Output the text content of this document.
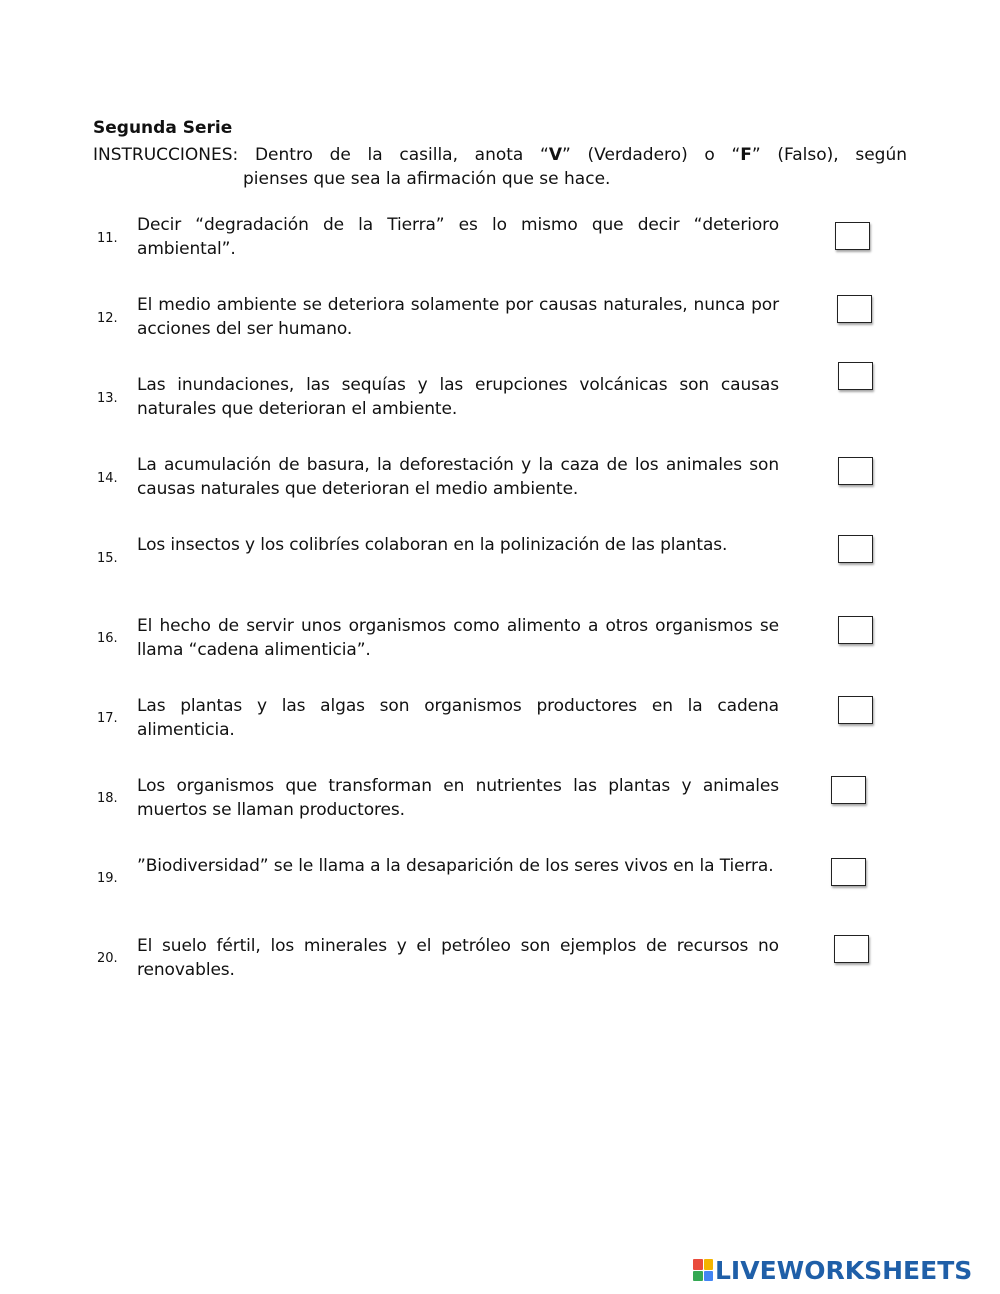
Segunda Serie
INSTRUCCIONES: Dentro de la casilla, anota “V” (Verdadero) o “F” (Falso), según
pienses que sea la afirmación que se hace.
11.
Decir “degradación de la Tierra” es lo mismo que decir “deterioro ambiental”.
12.
El medio ambiente se deteriora solamente por causas naturales, nunca por acciones del ser humano.
13.
Las inundaciones, las sequías y las erupciones volcánicas son causas naturales que deterioran el ambiente.
14.
La acumulación de basura, la deforestación y la caza de los animales son causas naturales que deterioran el medio ambiente.
15.
Los insectos y los colibríes colaboran en la polinización de las plantas.
16.
El hecho de servir unos organismos como alimento a otros organismos se llama “cadena alimenticia”.
17.
Las plantas y las algas son organismos productores en la cadena alimenticia.
18.
Los organismos que transforman en nutrientes las plantas y animales muertos se llaman productores.
19.
”Biodiversidad” se le llama a la desaparición de los seres vivos en la Tierra.
20.
El suelo fértil, los minerales y el petróleo son ejemplos de recursos no renovables.
LIVEWORKSHEETS
